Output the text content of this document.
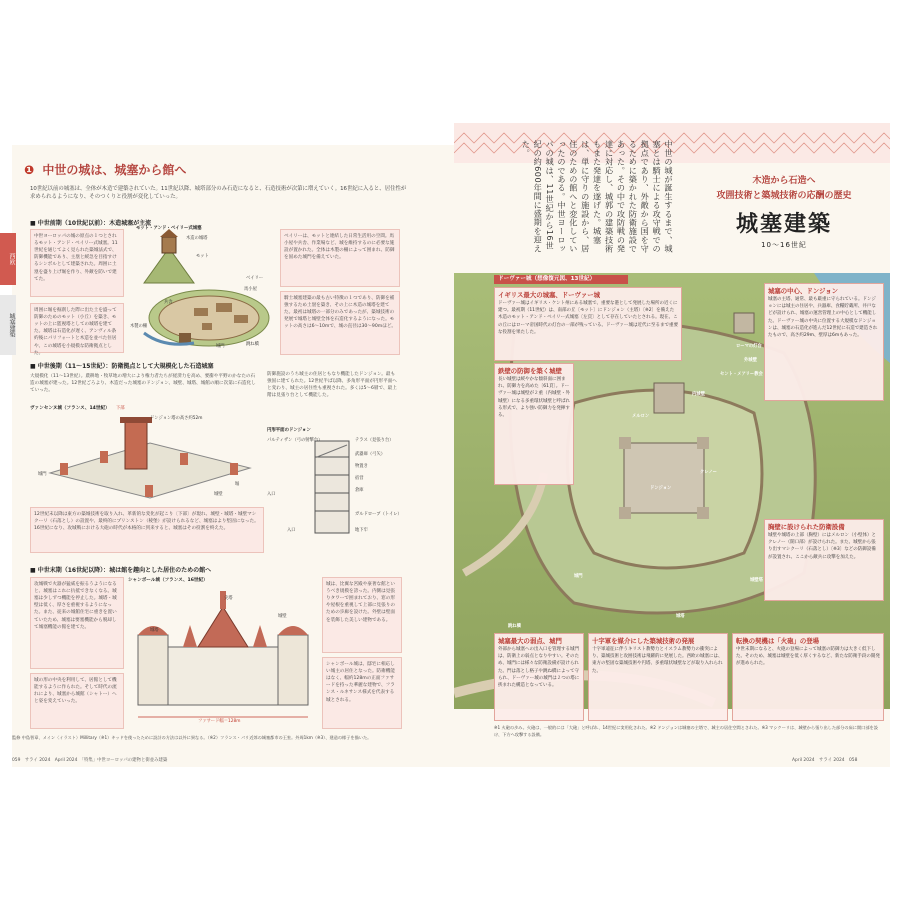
❶ 中世の城は、城塞から館へ
10世紀以前の城塞は、全体が木造で建築されていた。11世紀以降、城塔部分のみ石造になると、石造技術が次第に増えていく。16世紀に入ると、居住性が求められるようになり、そのつくりと役割が変化していった。
西欧
城塞建築
■ 中世前期（10世紀以前）：木造城塞が主流
中世ヨーロッパの城の原点の１つとされるモット・アンド・ベイリー式城塞。11世紀を通じてよく見られた築城法式で、防御機能であり、主塁と緩急を目指すけるシンボルとして建築された。周囲に土塁を盛り上げ堀を作り、外敵を防いで建てた。
モット・アンド・ベイリー式城塞
木造の城塔
モット
ベイリー
馬小屋
兵舎
木製の柵
城門	跳ね橋
ベイリーは、モットと連結した日常生活用の空間。馬小屋や兵舎、作業場など、城を維持するのに必要な施設が置かれた。全体は木製の柵によって囲まれ、防御を固めた城門を備えていた。
周囲に堀を掘削した際に出た土を盛って防御のためのモット（小丘）を築き、モットの上に監視塔としての城塔を建てた。城塔は石造化が遅く、アンヴィル条約後にパリフォートと木造を並べた住居や、この城塔を小規模な防衛拠点とした。
騎士城塞建築の最も古い特徴の１つであり、防御を補強するため土塁を築き、その上に木造の城塔を建てた。最初は城塔の一部分のみであったが、築城技術の発展で城塔と城壁全体を石造化するようになった。モットの高さは6〜10mで、城の直径は30〜90mほど。
■ 中世後期（11〜15世紀）：防衛拠点として大規模化した石造城塞
大規模化（11〜13世紀）。農耕地・牧草地の増大により権力者たちが経済力を高め、要衝や平野のかなたの石造の城塞が建った。12世紀ごろより、木造だった城塞のドンジョン、城壁、城塔、城館の順に次第に石造化していった。
ヴァンセンヌ城（フランス、14世紀） 下部
ドンジョン塔の高さ約52m
城門
堀
城壁
防御施設のうち城主の住居ともなり機能したドンジョン。最も強固に建てられた。12世紀半ば以降、多角形平面が円形平面へと変わり、城主の居住性も重視された。多くは5〜6層で、最上階は見張り台として機能した。
円形平面のドンジョン
パルティザン（弓の射撃台）	テラス（見張り台）
武器庫（弓矢）
物置き
宿営
倉庫
入口
ガルドローブ（トイレ）
入口	地下牢
12世紀末以降は東方の築城技術を取り入れ、革新的な変化が起こり〔下部〕が現れ、城壁・城塔・城壁マシクーリ（石落とし）の設置や、最終的にプリンストン（稜堡）が設けられるなど、城塞はより堅固になった。16世紀になり、攻城戦における大砲の時代が本格的に到来すると、城塞はその役割を終えた。
■ 中世末期（16世紀以降）：城は館を趣向とした居住のための館へ
攻城戦で火器が猛威を振るうようになると、城塞はこれに抗抵できなくなる。城塞は少しずつ機能を停止した。城塔・城壁は低く、厚さを重視するようになった。また、従来の城館住宅に重きを置いていたため、城塞は要塞機能から脱却して城塞機能の館を建てた。
城の形の中央を利用して、居館として機能するように作られた。そして時代の流れにより、城塞から城館（シャトー）へと姿を変えていった。
シャンボール城（フランス、16世紀）
城塔
尖塔
城壁
ファサード幅＝128m
城は、比翼な宮殿や豪奢な館というべき規模を誇った。内側は見張りタワーで囲まれており、窓の形や屋根を重視して上部に見張りのための歩廊を設けた。外壁は壁面を装飾した美しい建物である。
シャンボール城は、邸宅に相応しい城主の居住となった。防衛機能はなく、幅約128mの正面ファサードを持った華麗な建物で、フランス・ルネサンス様式を代表する城とされる。
監修 中島智章、メイン〈イラスト〉Millitary（※1）キッドを使ったために設計の方法は以外に異なる。（※2）フランス・パリ近郊の城塞都市の王室。外周1km（※3）、建造の様子を描いた。
059　サライ 2024　April 2024　「特集」中世ヨーロッパの建物と街並み建築
中世の城が誕生するまで、城塞とは騎士による攻守戦での拠点であり、外敵から国を守るために築かれた防衛施設であった。その中で攻防戦の発達に対応し、城郭の建築技術もまた発達を遂げた。城塞は、単に守りの施設から、居住のための館へと変化していったのである。中世ヨーロッパの城は、11世紀から16世紀の約600年間に盛期を迎えた。
木造から石造へ
攻囲技術と築城技術の応酬の歴史
城塞建築
10〜16世紀
外城壁
内城壁
ドンジョン
城門
城塔
セント・メアリー教会
ローマの灯台
クレノー
メルロン
城壁塔
跳ね橋
ドーヴァー城（想像復元図、13世紀）
イギリス最大の城塞、ドーヴァー城
ドーヴァー城はイギリス・ケント州にある城塞で、重要な港として発展した場所の近くに建つ。最初期（11世紀）は、南部の丘〔モット〕にドンジョン（主塔）〔※2〕を備えた木造のモット・アンド・ベイリー式城塞〔左頁〕として存在していたとされる。現在、この丘にはローマ帝国時代の灯台の一部が残っている。ドーヴァー城は近代に至るまで重要な役割を果たした。
鉄壁の防御を築く城壁
長い城壁は緩やかな傾斜面に囲まれ、防御力を高めた〔61頁〕。ドーヴァー城は城壁が２重（内城壁・外城壁）になる多重環状城壁と呼ばれる形式で、より強い防御力を発揮する。
城塞の中心、ドンジョン
城塞の主塔、通常、最も厳重に守られている。ドンジョンには城主の住居や、兵器庫、食糧貯蔵所、井戸などが設けられ、城塞の運営管理上の中心として機能した。ドーヴァー城の中央に位置する大規模なドンジョンは、城塞の石造化が進んだ12世紀に石造で建造されたもので、高さ約29m、壁厚は6mもあった。
胸壁に設けられた防衛設備
城壁や城塔の上部（胸壁）にはメルロン（小壁体）とクレノー（開口部）が設けられた。また、城壁から張り出すマシクーリ（石落とし）〔※3〕などの防御設備が設置され、ここから敵兵に攻撃を加えた。
城塞最大の弱点、城門
外部から城塞への出入口を管理する城門は、防衛上の弱点となりやすい。そのため、城門には様々な防衛設備が設けられた。門は落とし格子や跳ね橋によって守られ、ドーヴァー城の城門は２つの塔に挟まれた構造となっている。
十字軍を媒介にした築城技術の発展
十字軍遠征に伴うキリスト教勢力とイスラム教勢力の衝突により、築城技術と攻囲技術は飛躍的に発展した。西欧の城塞には、東方の堅固な築城技術や円塔、多重環状城壁などが取り入れられた。
転換の契機は「火砲」の登場
中世末期になると、火砲の登場によって城塞の防御力は大きく低下した。そのため、城塞は城壁を低く厚くするなど、新たな防衛手段の開発が進められた。
※1 火砲の歩み。火砲は、一般的には「大砲」と呼ばれ、14世紀に実用化された。※2 ドンジョンは城塞の主塔で、城主の居住空間とされた。※3 マシクーリは、城壁から張り出した部分の床に開口部を設け、下方へ攻撃する設備。
April 2024　サライ 2024　058
